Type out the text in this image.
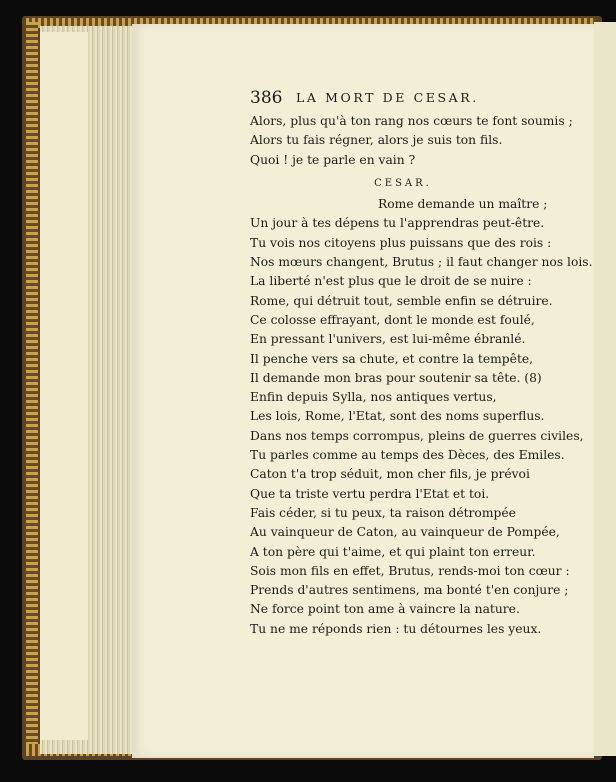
386 LA MORT DE CESAR.
Alors, plus qu'à ton rang nos cœurs te font soumis ;
Alors tu fais régner, alors je suis ton fils.
Quoi ! je te parle en vain ?
CESAR.
Rome demande un maître ;
Un jour à tes dépens tu l'apprendras peut-être.
Tu vois nos citoyens plus puissans que des rois :
Nos mœurs changent, Brutus ; il faut changer nos lois.
La liberté n'est plus que le droit de se nuire :
Rome, qui détruit tout, semble enfin se détruire.
Ce colosse effrayant, dont le monde est foulé,
En pressant l'univers, est lui-même ébranlé.
Il penche vers sa chute, et contre la tempête,
Il demande mon bras pour soutenir sa tête. (8)
Enfin depuis Sylla, nos antiques vertus,
Les lois, Rome, l'Etat, sont des noms superflus.
Dans nos temps corrompus, pleins de guerres civiles,
Tu parles comme au temps des Dèces, des Emiles.
Caton t'a trop séduit, mon cher fils, je prévoi
Que ta triste vertu perdra l'Etat et toi.
Fais céder, si tu peux, ta raison détrompée
Au vainqueur de Caton, au vainqueur de Pompée,
A ton père qui t'aime, et qui plaint ton erreur.
Sois mon fils en effet, Brutus, rends-moi ton cœur :
Prends d'autres sentimens, ma bonté t'en conjure ;
Ne force point ton ame à vaincre la nature.
Tu ne me réponds rien : tu détournes les yeux.
